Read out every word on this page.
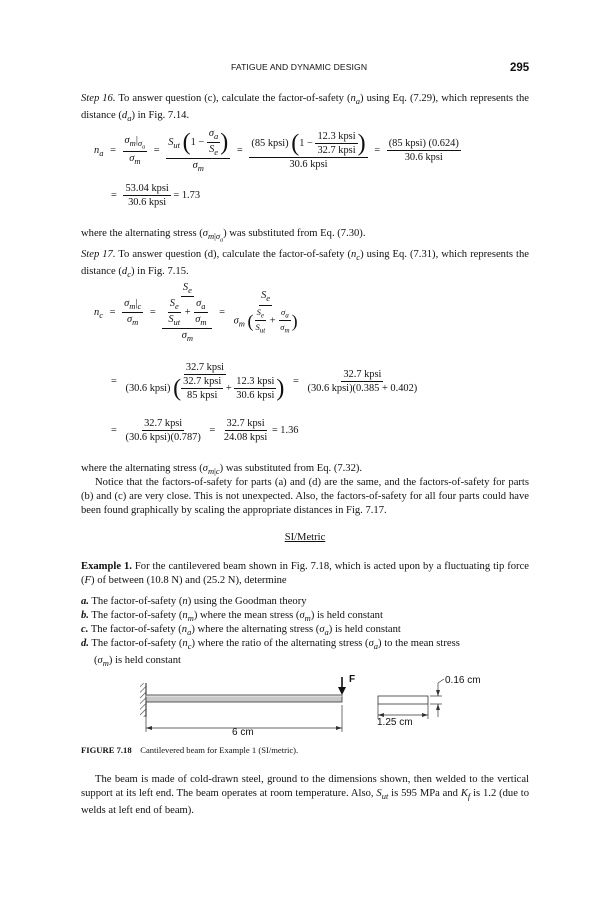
FATIGUE AND DYNAMIC DESIGN	295
Step 16. To answer question (c), calculate the factor-of-safety $(n_a)$ using Eq. (7.29), which represents the distance $(d_a)$ in Fig. 7.14.
$n_a = \frac{\sigma_m|_{\sigma_a}}{\sigma_m} = \frac{S_{ut} (1 - \frac{\sigma_a}{S_e} )}{\sigma_m} = \frac{(85 kpsi) (1 - \frac{\text{12.3 kpsi}}{\text{32.7 kpsi}} )}{\text{30.6 kpsi}} = \frac{\text{(85 kpsi) (0.624)}}{\text{30.6 kpsi}}$
= $\frac{\text{53.04 kpsi}}{\text{30.6 kpsi}} = 1.73$
where the alternating stress $(\sigma_{m|\sigma_a})$ was substituted from Eq. (7.30).
Step 17. To answer question (d), calculate the factor-of-safety $(n_c)$ using Eq. (7.31), which represents the distance $(d_c)$ in Fig. 7.15.
$n_c = \frac{\sigma_m|_c}{\sigma_m} = \frac{S_e}{\frac{S_e}{S_{ut}} + \frac{\sigma_a}{\sigma_m}}$
$\sigma_m$
= $\frac{S_e}{\sigma_m ( \frac{S_e}{S_{ut}} + \frac{\sigma_a}{\sigma_m} )}$
= $\frac{\text{32.7 kpsi}}{(30.6 kpsi) ( \frac{\text{32.7 kpsi}}{\text{85 kpsi}} + \frac{\text{12.3 kpsi}}{\text{30.6 kpsi}} )} = \frac{\text{32.7 kpsi}}{\text{(30.6 kpsi)(0.385 + 0.402)}}$
= $\frac{\text{32.7 kpsi}}{\text{(30.6 kpsi)(0.787)}} = \frac{\text{32.7 kpsi}}{\text{24.08 kpsi}} = 1.36$
where the alternating stress $(\sigma_{m|c})$ was substituted from Eq. (7.32).
Notice that the factors-of-safety for parts (a) and (d) are the same, and the factors-of-safety for parts (b) and (c) are very close. This is not unexpected. Also, the factors-of-safety for all four parts could have been found graphically by scaling the appropriate distances in Fig. 7.17.
SI/Metric
Example 1. For the cantilevered beam shown in Fig. 7.18, which is acted upon by a fluctuating tip force (F) of between (10.8 N) and (25.2 N), determine
a. The factor-of-safety (n) using the Goodman theory
b. The factor-of-safety $(n_m)$ where the mean stress $(\sigma_m)$ is held constant
c. The factor-of-safety $(n_a)$ where the alternating stress $(\sigma_a)$ is held constant
d. The factor-of-safety $(n_c)$ where the ratio of the alternating stress $(\sigma_a)$ to the mean stress
$(\sigma_m)$ is held constant
F
6 cm
0.16 cm
1.25 cm
FIGURE 7.18 Cantilevered beam for Example 1 (SI/metric).
The beam is made of cold-drawn steel, ground to the dimensions shown, then welded to the vertical support at its left end. The beam operates at room temperature. Also, $S_{ut}$ is 595 MPa and $K_f$ is 1.2 (due to welds at left end of beam).
